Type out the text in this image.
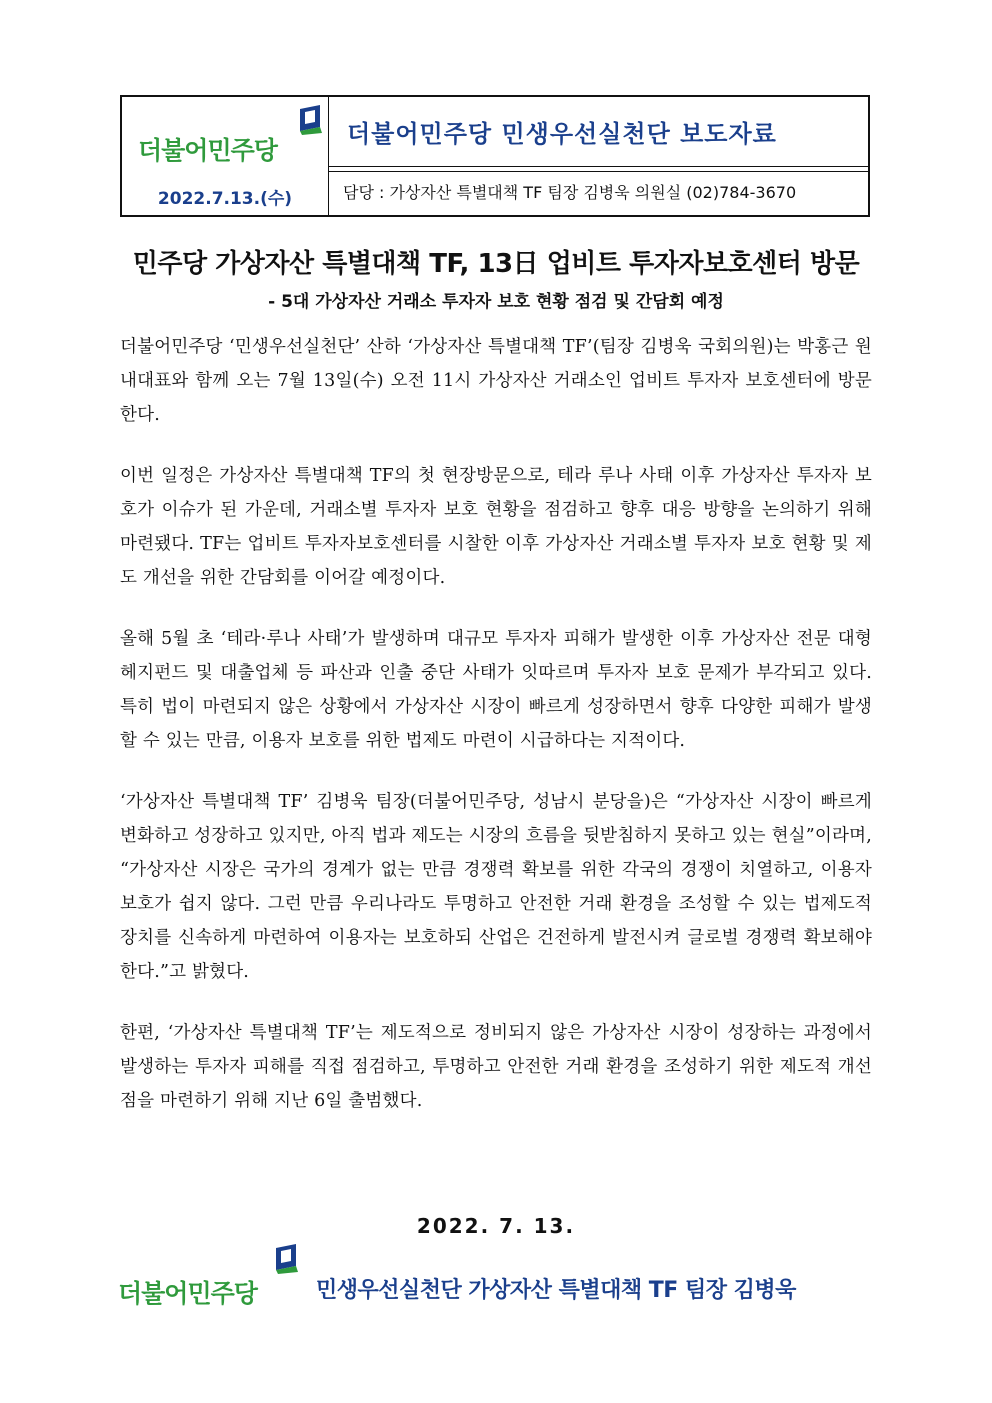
더불어민주당
2022.7.13.(수)
더불어민주당 민생우선실천단 보도자료
담당 : 가상자산 특별대책 TF 팀장 김병욱 의원실 (02)784-3670
민주당 가상자산 특별대책 TF, 13日 업비트 투자자보호센터 방문
- 5대 가상자산 거래소 투자자 보호 현황 점검 및 간담회 예정

더불어민주당 ‘민생우선실천단’ 산하 ‘가상자산 특별대책 TF’(팀장 김병욱 국회의원)는 박홍근 원내대표와 함께 오는 7월 13일(수) 오전 11시 가상자산 거래소인 업비트 투자자 보호센터에 방문한다.

이번 일정은 가상자산 특별대책 TF의 첫 현장방문으로, 테라 루나 사태 이후 가상자산 투자자 보호가 이슈가 된 가운데, 거래소별 투자자 보호 현황을 점검하고 향후 대응 방향을 논의하기 위해 마련됐다. TF는 업비트 투자자보호센터를 시찰한 이후 가상자산 거래소별 투자자 보호 현황 및 제도 개선을 위한 간담회를 이어갈 예정이다.

올해 5월 초 ‘테라·루나 사태’가 발생하며 대규모 투자자 피해가 발생한 이후 가상자산 전문 대형 헤지펀드 및 대출업체 등 파산과 인출 중단 사태가 잇따르며 투자자 보호 문제가 부각되고 있다. 특히 법이 마련되지 않은 상황에서 가상자산 시장이 빠르게 성장하면서 향후 다양한 피해가 발생할 수 있는 만큼, 이용자 보호를 위한 법제도 마련이 시급하다는 지적이다.

‘가상자산 특별대책 TF’ 김병욱 팀장(더불어민주당, 성남시 분당을)은 “가상자산 시장이 빠르게 변화하고 성장하고 있지만, 아직 법과 제도는 시장의 흐름을 뒷받침하지 못하고 있는 현실”이라며, “가상자산 시장은 국가의 경계가 없는 만큼 경쟁력 확보를 위한 각국의 경쟁이 치열하고, 이용자 보호가 쉽지 않다. 그런 만큼 우리나라도 투명하고 안전한 거래 환경을 조성할 수 있는 법제도적 장치를 신속하게 마련하여 이용자는 보호하되 산업은 건전하게 발전시켜 글로벌 경쟁력 확보해야 한다.”고 밝혔다.

한편, ‘가상자산 특별대책 TF’는 제도적으로 정비되지 않은 가상자산 시장이 성장하는 과정에서 발생하는 투자자 피해를 직접 점검하고, 투명하고 안전한 거래 환경을 조성하기 위한 제도적 개선점을 마련하기 위해 지난 6일 출범했다.

2022. 7. 13.
더불어민주당	민생우선실천단 가상자산 특별대책 TF 팀장 김병욱
